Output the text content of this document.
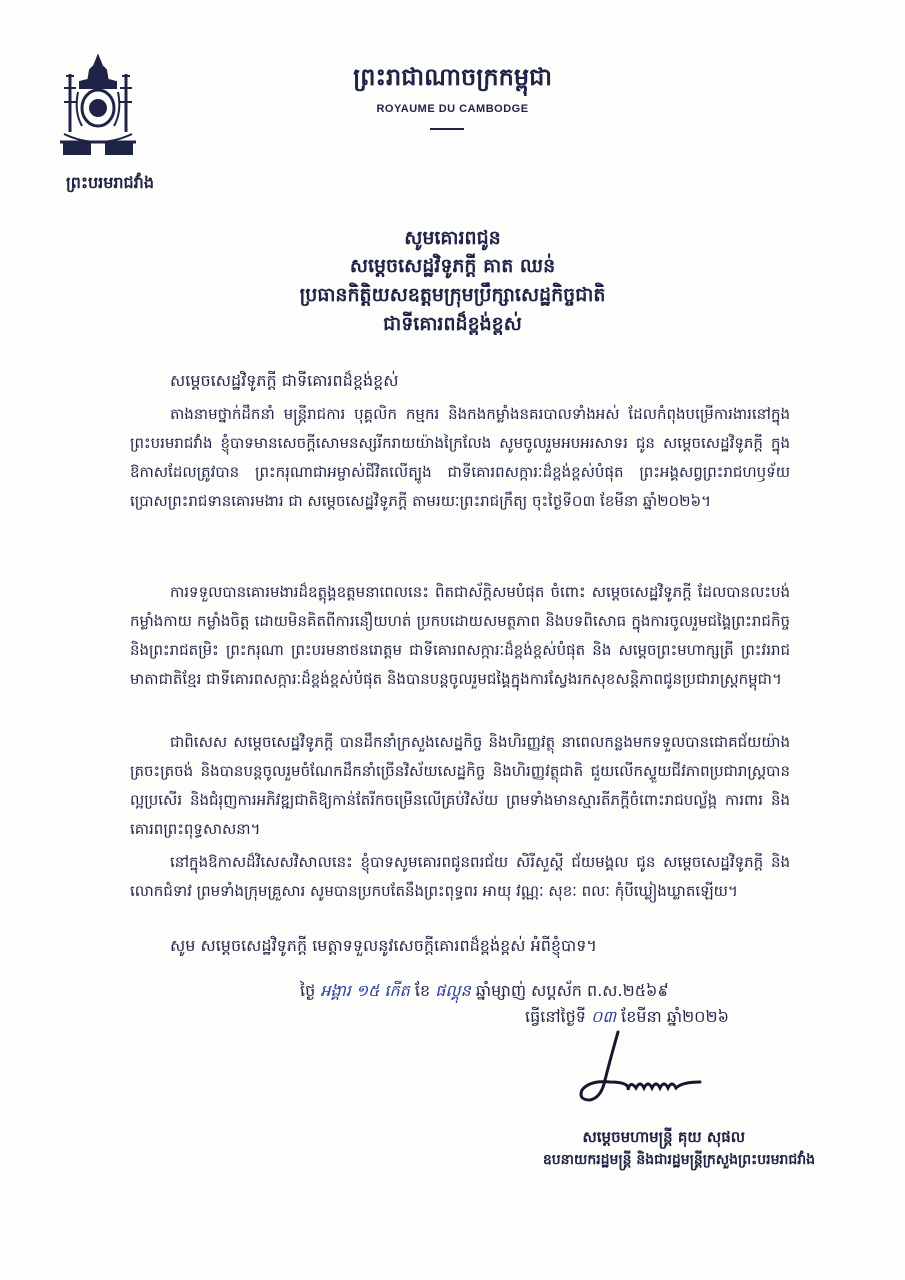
ព្រះបរមរាជវាំង
ព្រះរាជាណាចក្រកម្ពុជា
ROYAUME DU CAMBODGE
សូមគោរពជូន
សម្តេចសេដ្ឋវិទូភក្តី គាត ឈន់
ប្រធានកិត្តិយសឧត្តមក្រុមប្រឹក្សាសេដ្ឋកិច្ចជាតិ
ជាទីគោរពដ៏ខ្ពង់ខ្ពស់
សម្តេចសេដ្ឋវិទូភក្តី ជាទីគោរពដ៏ខ្ពង់ខ្ពស់

តាងនាមថ្នាក់ដឹកនាំ មន្ត្រីរាជការ បុគ្គលិក កម្មករ និងកងកម្លាំងនគរបាលទាំងអស់ ដែលកំពុងបម្រើការងារនៅក្នុងព្រះបរមរាជវាំង ខ្ញុំបាទមានសេចក្តីសោមនស្សរីករាយយ៉ាងក្រៃលែង សូមចូលរួមអបអរសាទរ ជូន សម្តេចសេដ្ឋវិទូភក្តី ក្នុងឱកាសដែលត្រូវបាន ព្រះករុណាជាអម្ចាស់ជីវិតលើត្បូង ជាទីគោរពសក្ការៈដ៏ខ្ពង់ខ្ពស់បំផុត ព្រះអង្គសព្វព្រះរាជហឫទ័យប្រោសព្រះរាជទានគោរមងារ ជា សម្តេចសេដ្ឋវិទូភក្តី តាមរយៈព្រះរាជក្រឹត្យ ចុះថ្ងៃទី០៣ ខែមីនា ឆ្នាំ២០២៦។

ការទទួលបានគោរមងារដ៏ឧត្តុង្គឧត្តមនាពេលនេះ ពិតជាស័ក្តិសមបំផុត ចំពោះ សម្តេចសេដ្ឋវិទូភក្តី ដែលបានលះបង់កម្លាំងកាយ កម្លាំងចិត្ត ដោយមិនគិតពីការនឿយហត់ ប្រកបដោយសមត្ថភាព និងបទពិសោធ ក្នុងការចូលរួមជង្គៃព្រះរាជកិច្ច និងព្រះរាជតម្រិះ ព្រះករុណា ព្រះបរមនាថនរោត្តម ជាទីគោរពសក្ការៈដ៏ខ្ពង់ខ្ពស់បំផុត និង សម្តេចព្រះមហាក្សត្រី ព្រះវររាជមាតាជាតិខ្មែរ ជាទីគោរពសក្ការៈដ៏ខ្ពង់ខ្ពស់បំផុត និងបានបន្តចូលរួមជង្គៃក្នុងការស្វែងរកសុខសន្តិភាពជូនប្រជារាស្ត្រកម្ពុជា។

ជាពិសេស សម្តេចសេដ្ឋវិទូភក្តី បានដឹកនាំក្រសួងសេដ្ឋកិច្ច និងហិរញ្ញវត្ថុ នាពេលកន្លងមកទទួលបានជោគជ័យយ៉ាងត្រចះត្រចង់ និងបានបន្តចូលរួមចំណែកដឹកនាំច្រើនវិស័យសេដ្ឋកិច្ច និងហិរញ្ញវត្ថុជាតិ ជួយលើកស្ទួយជីវភាពប្រជារាស្ត្របានល្អប្រសើរ និងជំរុញការអភិវឌ្ឍជាតិឱ្យកាន់តែរីកចម្រើនលើគ្រប់វិស័យ ព្រមទាំងមានស្មារតីភក្តីចំពោះរាជបល្ល័ង្ក ការពារ និងគោរពព្រះពុទ្ធសាសនា។

នៅក្នុងឱកាសដ៏វិសេសវិសាលនេះ ខ្ញុំបាទសូមគោរពជូនពរជ័យ សិរីសួស្តី ជ័យមង្គល ជូន សម្តេចសេដ្ឋវិទូភក្តី និងលោកជំទាវ ព្រមទាំងក្រុមគ្រួសារ សូមបានប្រកបតែនឹងព្រះពុទ្ធពរ អាយុ វណ្ណៈ សុខៈ ពលៈ កុំបីឃ្លៀងឃ្លាតឡើយ។

សូម សម្តេចសេដ្ឋវិទូភក្តី មេត្តាទទួលនូវសេចក្តីគោរពដ៏ខ្ពង់ខ្ពស់ អំពីខ្ញុំបាទ។
ថ្ងៃ អង្គារ ១៥ កើត ខែ ផល្គុន ឆ្នាំម្សាញ់ សប្តស័ក ព.ស.២៥៦៩
ធ្វើនៅថ្ងៃទី ០៣ ខែមីនា ឆ្នាំ២០២៦
សម្តេចមហាមន្ត្រី គុយ សុផល
ឧបនាយករដ្ឋមន្ត្រី និងជារដ្ឋមន្ត្រីក្រសួងព្រះបរមរាជវាំង
